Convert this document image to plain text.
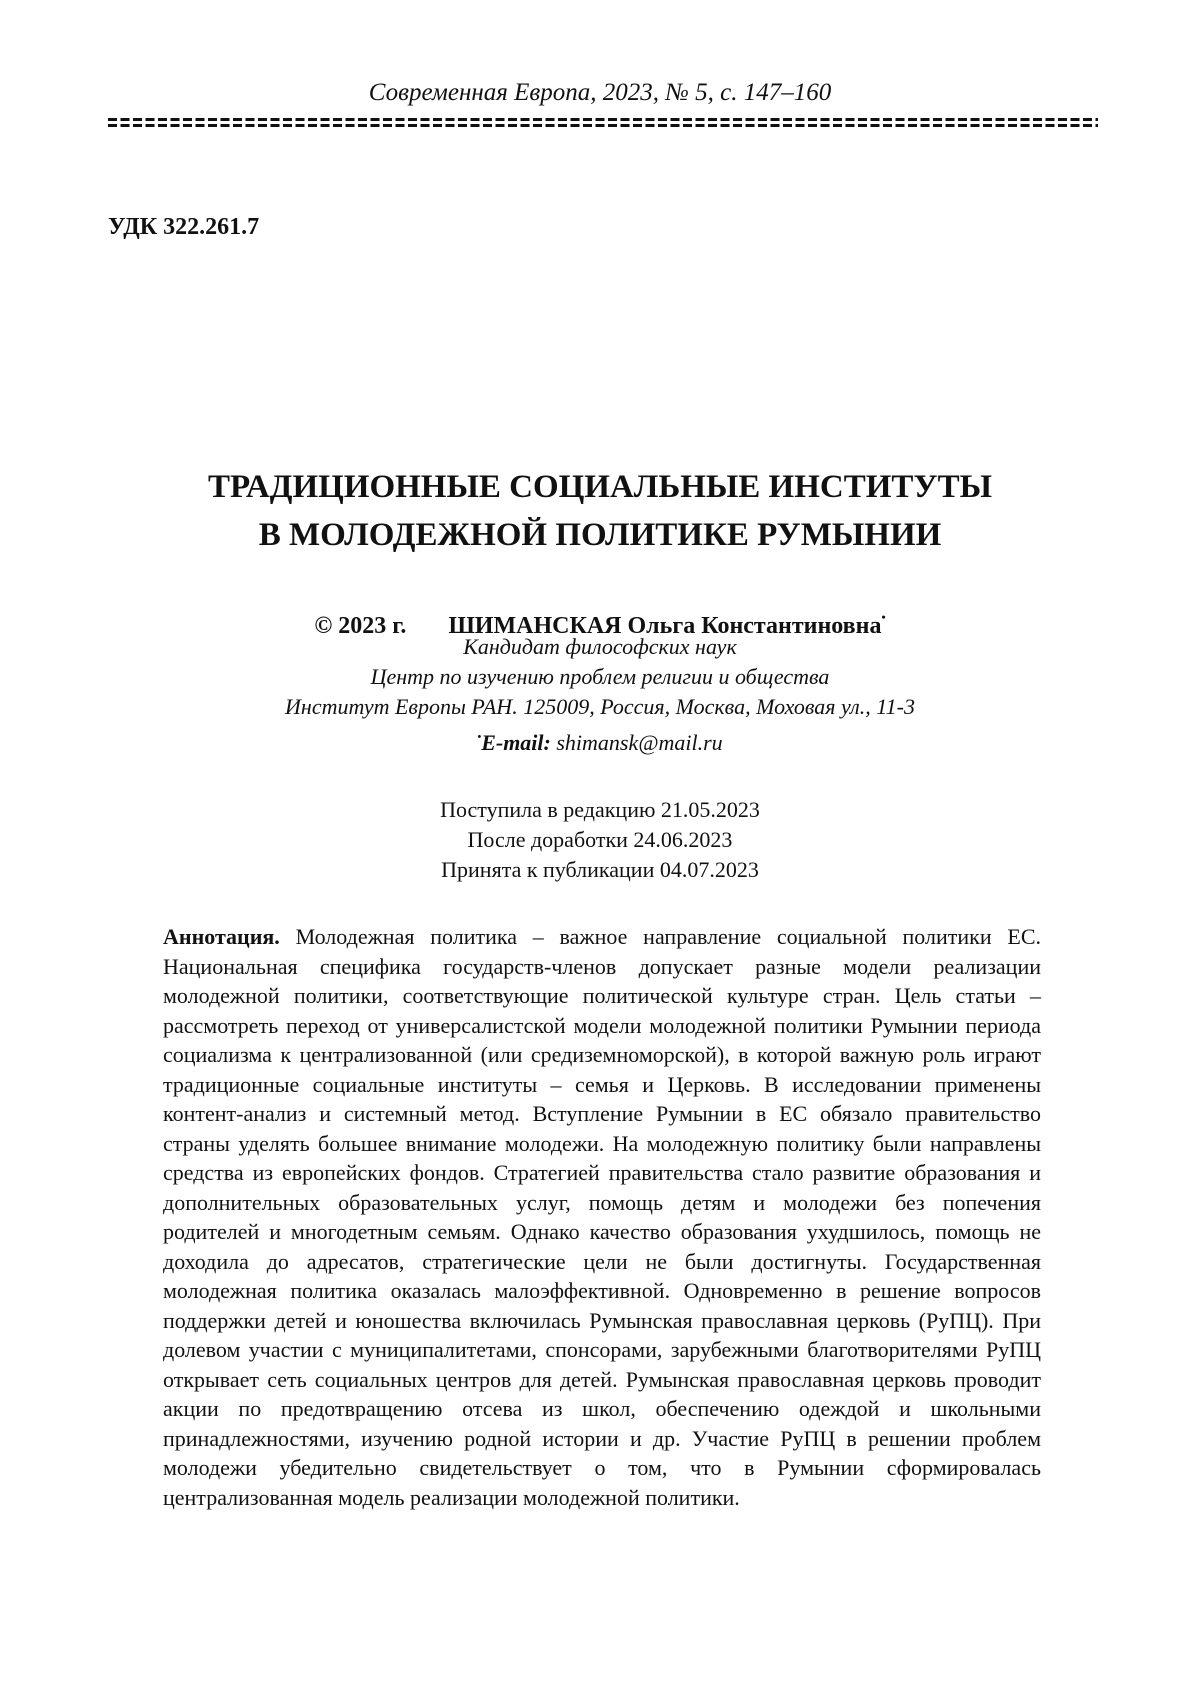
Современная Европа, 2023, № 5, с. 147–160
УДК 322.261.7
ТРАДИЦИОННЫЕ СОЦИАЛЬНЫЕ ИНСТИТУТЫ
В МОЛОДЕЖНОЙ ПОЛИТИКЕ РУМЫНИИ
© 2023 г. ШИМАНСКАЯ Ольга Константиновна•
Кандидат философских наук
Центр по изучению проблем религии и общества
Институт Европы РАН. 125009, Россия, Москва, Моховая ул., 11-3
•E-mail: shimansk@mail.ru
Поступила в редакцию 21.05.2023
После доработки 24.06.2023
Принята к публикации 04.07.2023
Аннотация. Молодежная политика – важное направление социальной политики ЕС. Национальная специфика государств-членов допускает разные модели реализации молодежной политики, соответствующие политической культуре стран. Цель статьи – рассмотреть переход от универсалистской модели молодежной политики Румынии периода социализма к централизованной (или средиземноморской), в которой важную роль играют традиционные социальные институты – семья и Церковь. В исследовании применены контент-анализ и системный метод. Вступление Румынии в ЕС обязало правительство страны уделять большее внимание молодежи. На молодежную политику были направлены средства из европейских фондов. Стратегией правительства стало развитие образования и дополнительных образовательных услуг, помощь детям и молодежи без попечения родителей и многодетным семьям. Однако качество образования ухудшилось, помощь не доходила до адресатов, стратегические цели не были достигнуты. Государственная молодежная политика оказалась малоэффективной. Одновременно в решение вопросов поддержки детей и юношества включилась Румынская православная церковь (РуПЦ). При долевом участии с муниципалитетами, спонсорами, зарубежными благотворителями РуПЦ открывает сеть социальных центров для детей. Румынская православная церковь проводит акции по предотвращению отсева из школ, обеспечению одеждой и школьными принадлежностями, изучению родной истории и др. Участие РуПЦ в решении проблем молодежи убедительно свидетельствует о том, что в Румынии сформировалась централизованная модель реализации молодежной политики.
